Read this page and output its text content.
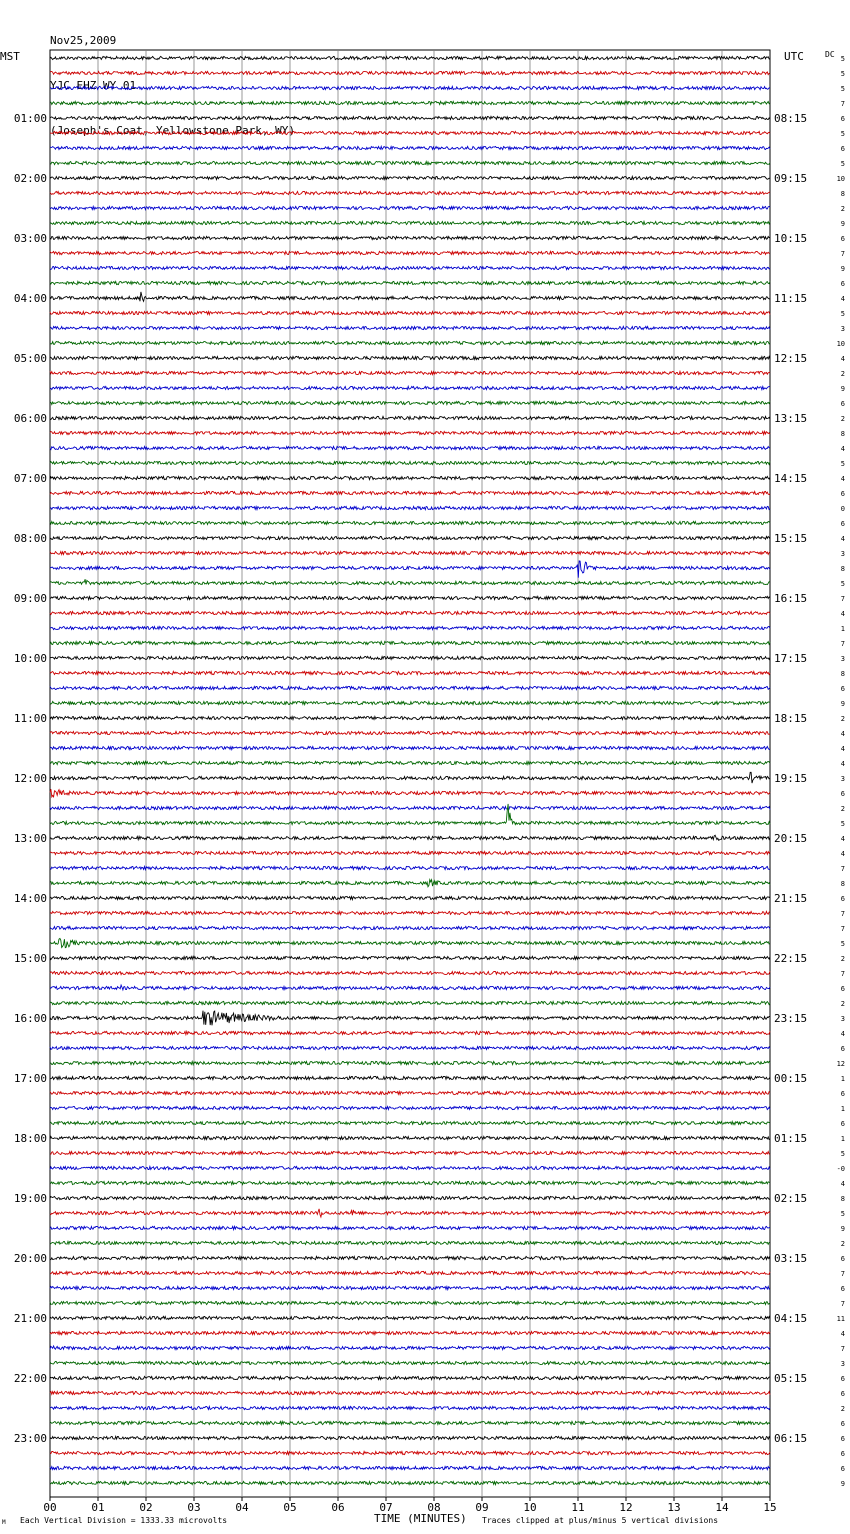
Nov25,2009

YJC EHZ WY 01

(Joseph's Coat, Yellowstone Park, WY)

MST	UTC	DC
01:00
02:00
03:00
04:00
05:00
06:00
07:00
08:00
09:00
10:00
11:00
12:00
13:00
14:00
15:00
16:00
17:00
18:00
19:00
20:00
21:00
22:00
23:00
08:15
09:15
10:15
11:15
12:15
13:15
14:15
15:15
16:15
17:15
18:15
19:15
20:15
21:15
22:15
23:15
00:15
01:15
02:15
03:15
04:15
05:15
06:15
5
5
5
7
6
5
6
5
10
8
2
9
6
7
9
6
4
5
3
10
4
2
9
6
2
8
4
5
4
6
0
6
4
3
8
5
7
4
1
7
3
8
6
9
2
4
4
4
3
6
2
5
4
4
7
8
6
7
7
5
2
7
6
2
3
4
6
12
1
6
1
6
1
5
-0
4
8
5
9
2
6
7
6
7
11
4
7
3
6
6
2
6
6
6
6
9
00	01	02	03	04	05	06	07	08	09	10	11	12	13	14	15
M Each Vertical Division = 1333.33 microvolts	TIME (MINUTES) Traces clipped at plus/minus 5 vertical divisions
